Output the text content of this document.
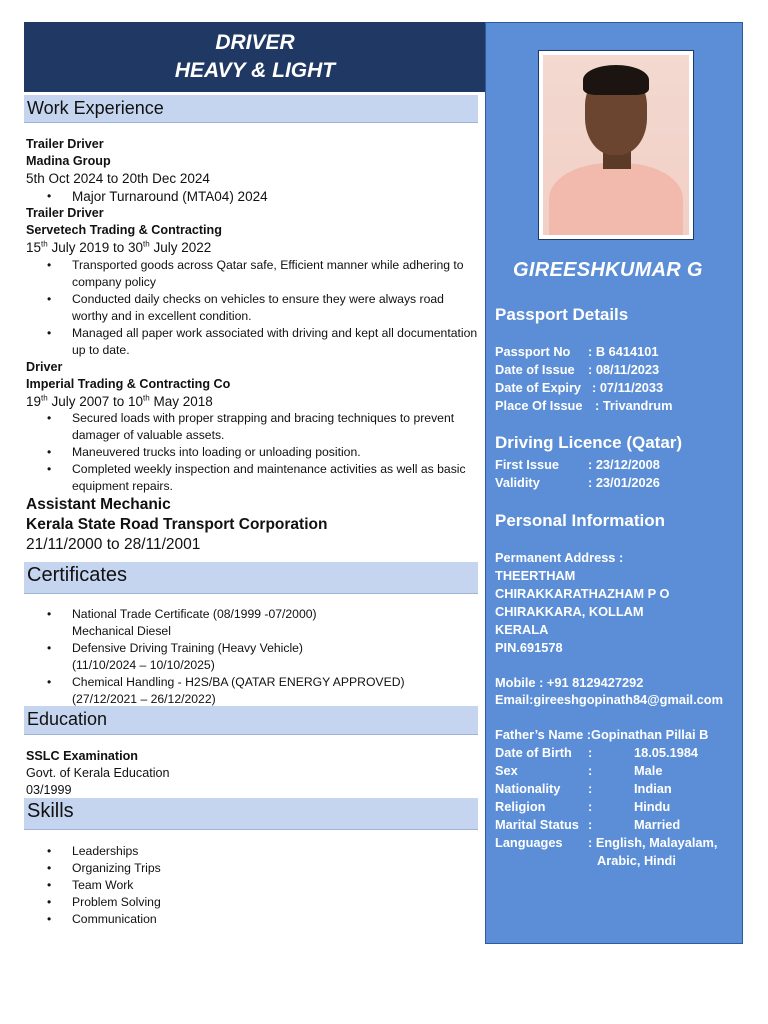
DRIVER
HEAVY & LIGHT
Work Experience
Trailer Driver
Madina Group
5th Oct 2024 to 20th Dec 2024
• Major Turnaround (MTA04) 2024
Trailer Driver
Servetech Trading & Contracting
15th July 2019 to 30th July 2022
• Transported goods across Qatar safe, Efficient manner while adhering to company policy
• Conducted daily checks on vehicles to ensure they were always road worthy and in excellent condition.
• Managed all paper work associated with driving and kept all documentation up to date.
Driver
Imperial Trading & Contracting Co
19th July 2007 to 10th May 2018
• Secured loads with proper strapping and bracing techniques to prevent damager of valuable assets.
• Maneuvered trucks into loading or unloading position.
• Completed weekly inspection and maintenance activities as well as basic equipment repairs.
Assistant Mechanic
Kerala State Road Transport Corporation
21/11/2000 to 28/11/2001
Certificates
• National Trade Certificate (08/1999 -07/2000)
Mechanical Diesel
• Defensive Driving Training (Heavy Vehicle)
(11/10/2024 – 10/10/2025)
• Chemical Handling - H2S/BA (QATAR ENERGY APPROVED)
(27/12/2021 – 26/12/2022)
Education
SSLC Examination
Govt. of Kerala Education
03/1999
Skills
• Leaderships
• Organizing Trips
• Team Work
• Problem Solving
• Communication
GIREESHKUMAR G
Passport Details
Passport No : B 6414101
Date of Issue : 08/11/2023
Date of Expiry : 07/11/2033
Place Of Issue : Trivandrum
Driving Licence (Qatar)
First Issue : 23/12/2008
Validity	: 23/01/2026
Personal Information
Permanent Address :
THEERTHAM
CHIRAKKARATHAZHAM P O
CHIRAKKARA, KOLLAM
KERALA
PIN.691578
Mobile : +91 8129427292
Email:gireeshgopinath84@gmail.com
Father’s Name :Gopinathan Pillai B
Date of Birth :	18.05.1984
Sex	:	Male
Nationality :	Indian
Religion	:	Hindu
Marital Status :	Married
Languages : English, Malayalam,
Arabic, Hindi
